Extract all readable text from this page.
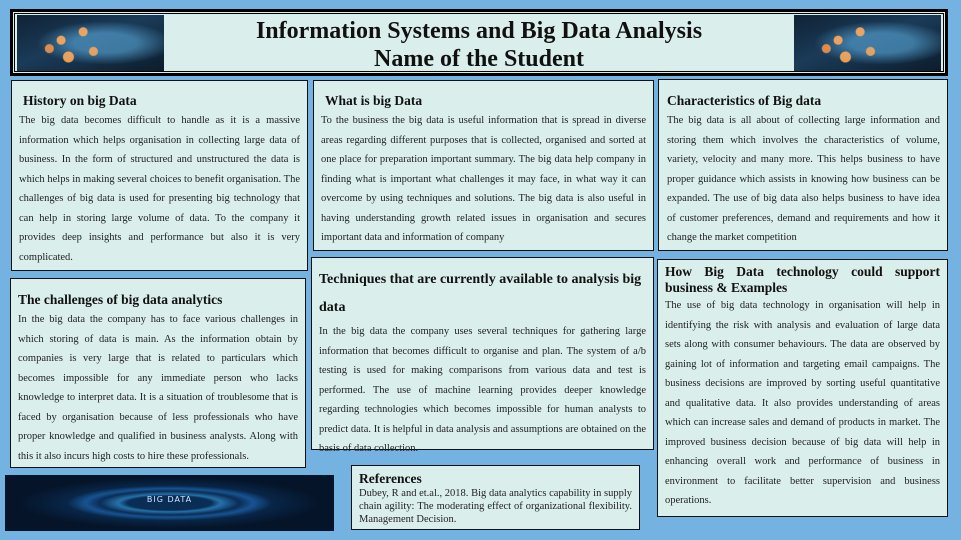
Information Systems and Big Data Analysis
Name of the Student
History on big Data
The big data becomes difficult to handle as it is a massive information which helps organisation in collecting large data of business. In the form of structured and unstructured the data is which helps in making several choices to benefit organisation. The challenges of big data is used for presenting big technology that can help in storing large volume of data. To the company it provides deep insights and performance but also it is very complicated.
What is big Data
To the business the big data is useful information that is spread in diverse areas regarding different purposes that is collected, organised and sorted at one place for preparation important summary. The big data help company in finding what is important what challenges it may face, in what way it can overcome by using techniques and solutions. The big data is also useful in having understanding growth related issues in organisation and secures important data and information of company
Characteristics of Big data
The big data is all about of collecting large information and storing them which involves the characteristics of volume, variety, velocity and many more. This helps business to have proper guidance which assists in knowing how business can be expanded. The use of big data also helps business to have idea of customer preferences, demand and requirements and how it change the market competition
The challenges of big data analytics
In the big data the company has to face various challenges in which storing of data is main. As the information obtain by companies is very large that is related to particulars which becomes impossible for any immediate person who lacks knowledge to interpret data. It is a situation of troublesome that is faced by organisation because of less professionals who have proper knowledge and qualified in business analysts. Along with this it also incurs high costs to hire these professionals.
Techniques that are currently available to analysis big data
In the big data the company uses several techniques for gathering large information that becomes difficult to organise and plan. The system of a/b testing is used for making comparisons from various data and test is performed. The use of machine learning provides deeper knowledge regarding technologies which becomes impossible for human analysts to predict data. It is helpful in data analysis and assumptions are obtained on the basis of data collection.
How Big Data technology could support business & Examples
The use of big data technology in organisation will help in identifying the risk with analysis and evaluation of large data sets along with consumer behaviours. The data are observed by gaining lot of information and targeting email campaigns. The business decisions are improved by sorting useful quantitative and qualitative data. It also provides understanding of areas which can increase sales and demand of products in market. The improved business decision because of big data will help in enhancing overall work and performance of business in environment to facilitate better supervision and business operations.
BIG DATA
References
Dubey, R and et.al., 2018. Big data analytics capability in supply chain agility: The moderating effect of organizational flexibility. Management Decision.
